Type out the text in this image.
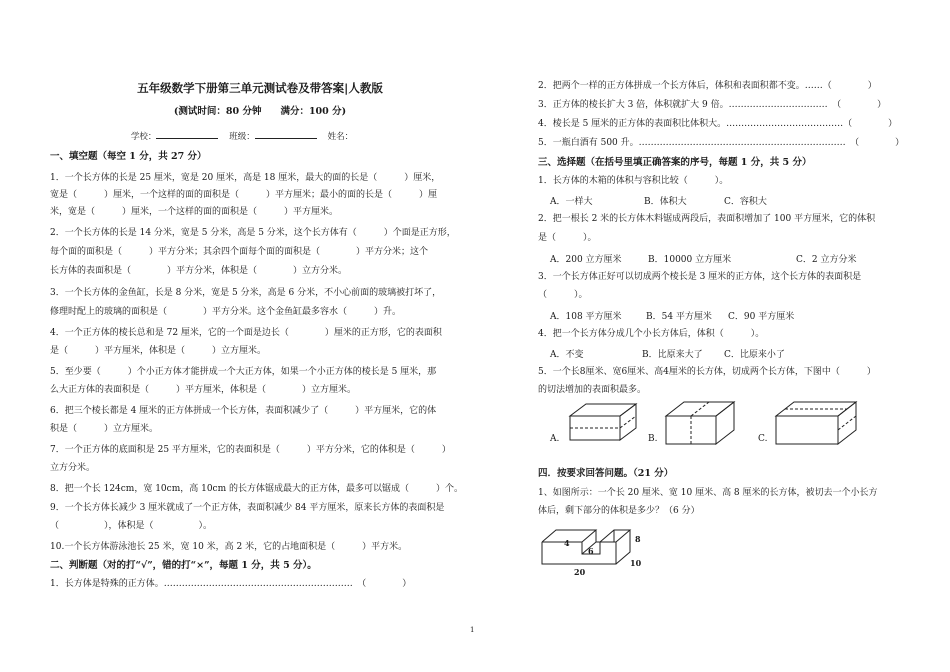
五年级数学下册第三单元测试卷及带答案|人教版
(测试时间：80 分钟　　满分：100 分)
学校：	班级：	姓名：
一、填空题（每空 1 分，共 27 分）
1．一个长方体的长是 25 厘米，宽是 20 厘米，高是 18 厘米，最大的面的长是（　　　）厘米，
宽是（　　　）厘米，一个这样的面的面积是（　　　）平方厘米；最小的面的长是（　　　）厘
米，宽是（　　　）厘米，一个这样的面的面积是（　　　）平方厘米。
2．一个长方体的长是 14 分米，宽是 5 分米，高是 5 分米，这个长方体有（　　　）个面是正方形，
每个面的面积是（　　　）平方分米；其余四个面每个面的面积是（　　　　）平方分米；这个
长方体的表面积是（　　　　）平方分米，体积是（　　　　）立方分米。
3．一个长方体的金鱼缸，长是 8 分米，宽是 5 分米，高是 6 分米，不小心前面的玻璃被打坏了，
修理时配上的玻璃的面积是（　　　　）平方分米。这个金鱼缸最多容水（　　　）升。
4．一个正方体的棱长总和是 72 厘米，它的一个面是边长（　　　　）厘米的正方形，它的表面积
是（　　　）平方厘米，体积是（　　　）立方厘米。
5．至少要（　　　）个小正方体才能拼成一个大正方体，如果一个小正方体的棱长是 5 厘米，那
么大正方体的表面积是（　　　）平方厘米，体积是（　　　　）立方厘米。
6．把三个棱长都是 4 厘米的正方体拼成一个长方体，表面积减少了（　　　）平方厘米，它的体
积是（　　　）立方厘米。
7．一个正方体的底面积是 25 平方厘米，它的表面积是（　　　）平方分米，它的体积是（　　　）
立方分米。
8．把一个长 124cm，宽 10cm，高 10cm 的长方体锯成最大的正方体，最多可以锯成（　　　）个。
9．一个长方体长减少 3 厘米就成了一个正方体，表面积减少 84 平方厘米，原来长方体的表面积是
（　　　　　），体积是（　　　　　）。
10.一个长方体游泳池长 25 米，宽 10 米，高 2 米，它的占地面积是（　　　）平方米。
二、判断题（对的打“√”，错的打“×”，每题 1 分，共 5 分）。
1．长方体是特殊的正方体。………………………………………………………　（　　　　）
2．把两个一样的正方体拼成一个长方体后，体积和表面积都不变。……（　　　　）
3．正方体的棱长扩大 3 倍，体积就扩大 9 倍。……………………………　（　　　　）
4．棱长是 5 厘米的正方体的表面积比体积大。…………………………………（　　　　）
5．一瓶白酒有 500 升。……………………………………………………………　（　　　　）
三、选择题（在括号里填正确答案的序号，每题 1 分，共 5 分）
1．长方体的木箱的体积与容积比较（　　　）。
A．一样大	B．体积大	C．容积大
2．把一根长 2 米的长方体木料锯成两段后，表面积增加了 100 平方厘米，它的体积
是（　　　）。
A．200 立方厘米	B．10000 立方厘米	C．2 立方分米
3．一个长方体正好可以切成两个棱长是 3 厘米的正方体，这个长方体的表面积是
（　　　）。
A．108 平方厘米	B．54 平方厘米 C．90 平方厘米
4．把一个长方体分成几个小长方体后，体积（　　　）。
A．不变	B．比原来大了 C．比原来小了
5．一个长8厘米、宽6厘米、高4厘米的长方体，切成两个长方体，下图中（　　　）
的切法增加的表面积最多。
A.	B.	C.
四．按要求回答问题。（21 分）
1、如图所示：一个长 20 厘米、宽 10 厘米、高 8 厘米的长方体，被切去一个小长方
体后，剩下部分的体积是多少？（6 分）
4
6
8
20
10
1
